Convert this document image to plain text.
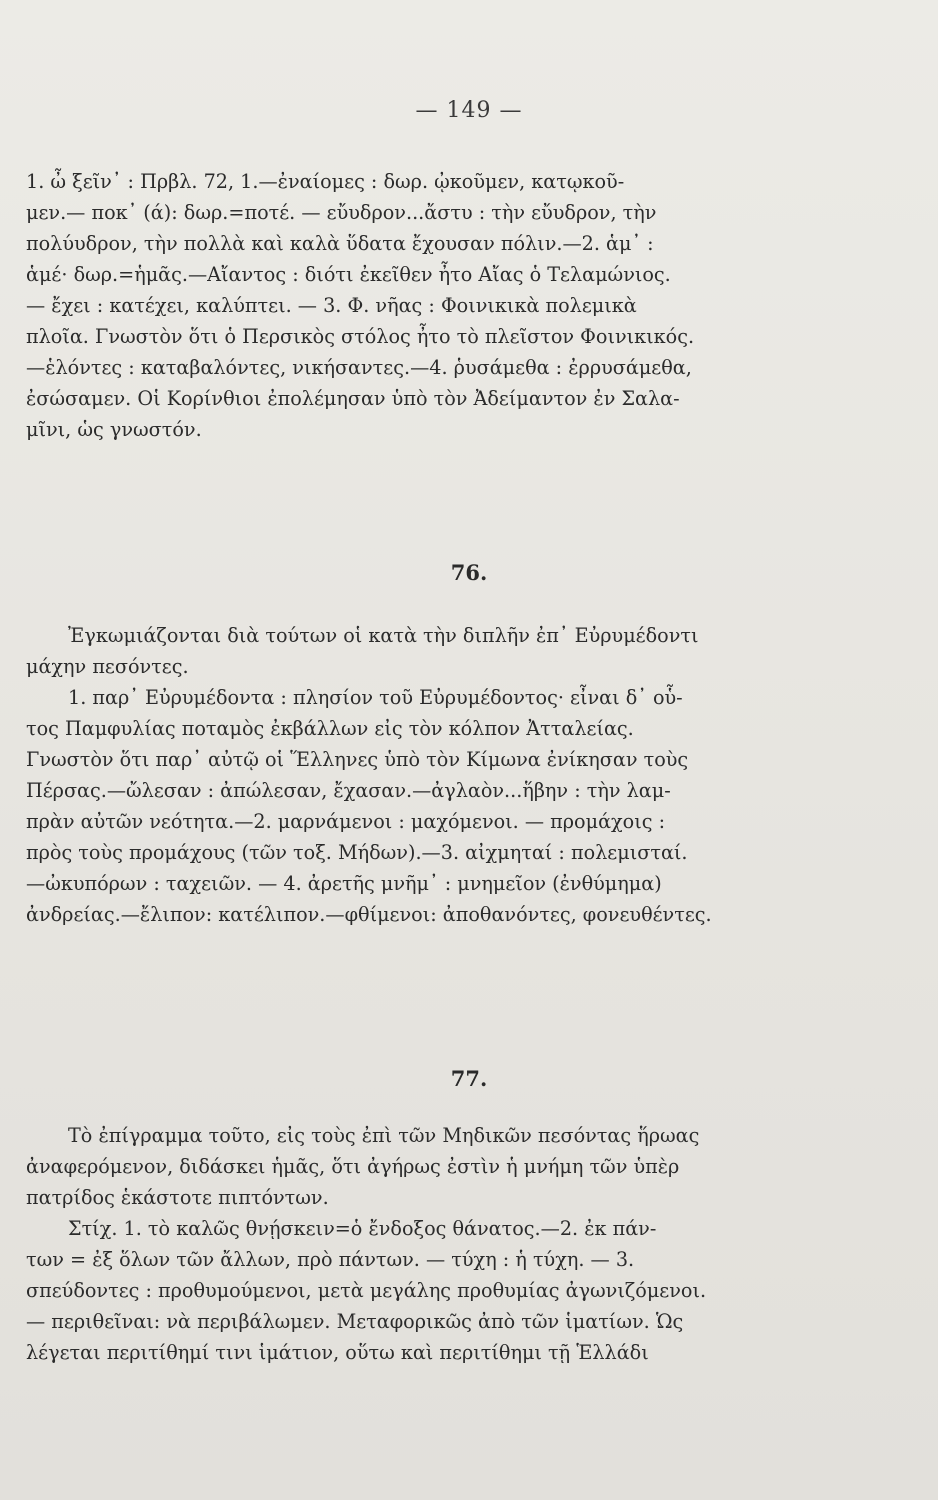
— 149 —
1. ὦ ξεῖν᾽ : Πρβλ. 72, 1.—ἐναίομες : δωρ. ᾠκοῦμεν, κατῳκοῦ-
μεν.— ποκ᾽ (ά): δωρ.=ποτέ. — εὔυδρον...ἄστυ : τὴν εὔυδρον, τὴν
πολύυδρον, τὴν πολλὰ καὶ καλὰ ὕδατα ἔχουσαν πόλιν.—2. ἁμ᾽ :
ἁμέ· δωρ.=ἡμᾶς.—Αἴαντος : διότι ἐκεῖθεν ἦτο Αἴας ὁ Τελαμώνιος.
— ἔχει : κατέχει, καλύπτει. — 3. Φ. νῆας : Φοινικικὰ πολεμικὰ
πλοῖα. Γνωστὸν ὅτι ὁ Περσικὸς στόλος ἦτο τὸ πλεῖστον Φοινικικός.
—ἑλόντες : καταβαλόντες, νικήσαντες.—4. ῥυσάμεθα : ἐρρυσάμεθα,
ἐσώσαμεν. Οἱ Κορίνθιοι ἐπολέμησαν ὑπὸ τὸν Ἀδείμαντον ἐν Σαλα-
μῖνι, ὡς γνωστόν.
76.
Ἐγκωμιάζονται διὰ τούτων οἱ κατὰ τὴν διπλῆν ἐπ᾽ Εὐρυμέδοντι
μάχην πεσόντες.
1. παρ᾽ Εὐρυμέδοντα : πλησίον τοῦ Εὐρυμέδοντος· εἶναι δ᾽ οὗ-
τος Παμφυλίας ποταμὸς ἐκβάλλων εἰς τὸν κόλπον Ἀτταλείας.
Γνωστὸν ὅτι παρ᾽ αὐτῷ οἱ Ἕλληνες ὑπὸ τὸν Κίμωνα ἐνίκησαν τοὺς
Πέρσας.—ὤλεσαν : ἀπώλεσαν, ἔχασαν.—ἀγλαὸν...ἥβην : τὴν λαμ-
πρὰν αὐτῶν νεότητα.—2. μαρνάμενοι : μαχόμενοι. — προμάχοις :
πρὸς τοὺς προμάχους (τῶν τοξ. Μήδων).—3. αἰχμηταί : πολεμισταί.
—ὠκυπόρων : ταχειῶν. — 4. ἀρετῆς μνῆμ᾽ : μνημεῖον (ἐνθύμημα)
ἀνδρείας.—ἔλιπον: κατέλιπον.—φθίμενοι: ἀποθανόντες, φονευθέντες.
77.
Τὸ ἐπίγραμμα τοῦτο, εἰς τοὺς ἐπὶ τῶν Μηδικῶν πεσόντας ἥρωας
ἀναφερόμενον, διδάσκει ἡμᾶς, ὅτι ἀγήρως ἐστὶν ἡ μνήμη τῶν ὑπὲρ
πατρίδος ἑκάστοτε πιπτόντων.
Στίχ. 1. τὸ καλῶς θνῄσκειν=ὁ ἔνδοξος θάνατος.—2. ἐκ πάν-
των = ἐξ ὅλων τῶν ἄλλων, πρὸ πάντων. — τύχη : ἡ τύχη. — 3.
σπεύδοντες : προθυμούμενοι, μετὰ μεγάλης προθυμίας ἀγωνιζόμενοι.
— περιθεῖναι: νὰ περιβάλωμεν. Μεταφορικῶς ἀπὸ τῶν ἱματίων. Ὡς
λέγεται περιτίθημί τινι ἱμάτιον, οὕτω καὶ περιτίθημι τῇ Ἑλλάδι
